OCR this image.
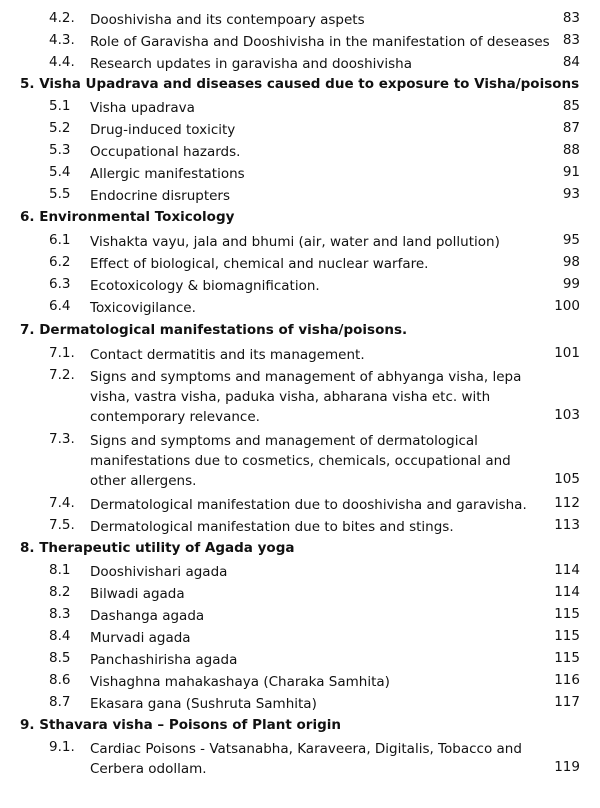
4.2. Dooshivisha and its contempoary aspets	83
4.3. Role of Garavisha and Dooshivisha in the manifestation of deseases 83
4.4. Research updates in garavisha and dooshivisha	84
5. Visha Upadrava and diseases caused due to exposure to Visha/poisons
5.1 Visha upadrava	85
5.2 Drug-induced toxicity	87
5.3 Occupational hazards.	88
5.4 Allergic manifestations	91
5.5 Endocrine disrupters	93
6. Environmental Toxicology
6.1 Vishakta vayu, jala and bhumi (air, water and land pollution)	95
6.2 Effect of biological, chemical and nuclear warfare.	98
6.3 Ecotoxicology & biomagnification.	99
6.4 Toxicovigilance.	100
7. Dermatological manifestations of visha/poisons.
7.1. Contact dermatitis and its management.	101
7.2. Signs and symptoms and management of abhyanga visha, lepa visha, vastra visha, paduka visha, abharana visha etc. with contemporary relevance.	103
7.3. Signs and symptoms and management of dermatological manifestations due to cosmetics, chemicals, occupational and other allergens.	105
7.4. Dermatological manifestation due to dooshivisha and garavisha.	112
7.5. Dermatological manifestation due to bites and stings.	113
8. Therapeutic utility of Agada yoga
8.1 Dooshivishari agada	114
8.2 Bilwadi agada	114
8.3 Dashanga agada	115
8.4 Murvadi agada	115
8.5 Panchashirisha agada	115
8.6 Vishaghna mahakashaya (Charaka Samhita)	116
8.7 Ekasara gana (Sushruta Samhita)	117
9. Sthavara visha – Poisons of Plant origin
9.1. Cardiac Poisons - Vatsanabha, Karaveera, Digitalis, Tobacco and Cerbera odollam.	119
